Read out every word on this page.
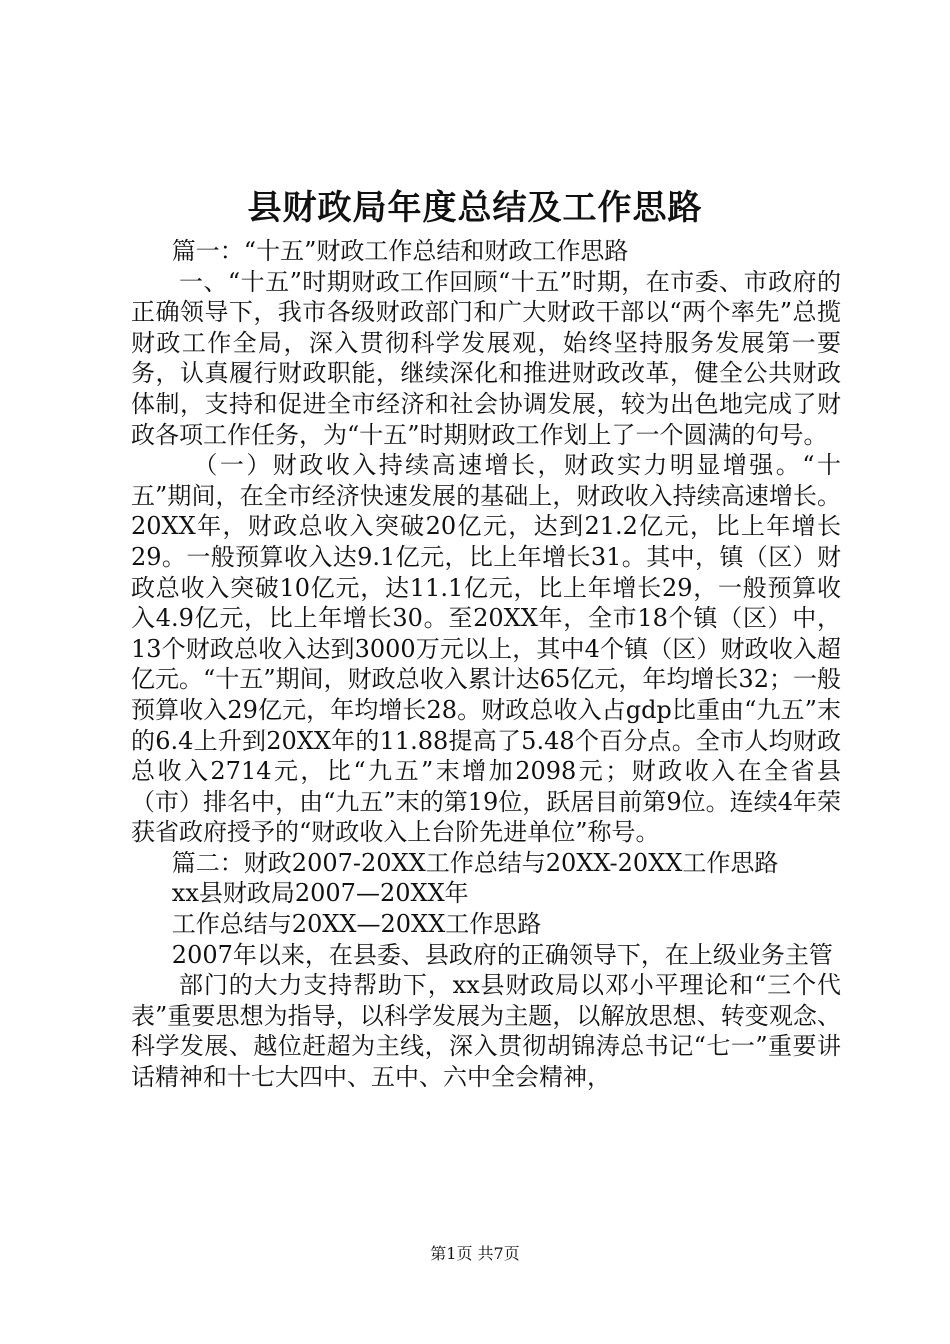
县财政局年度总结及工作思路

篇一：“十五”财政工作总结和财政工作思路

一、“十五”时期财政工作回顾“十五”时期，在市委、市政府的正确领导下，我市各级财政部门和广大财政干部以“两个率先”总揽财政工作全局，深入贯彻科学发展观，始终坚持服务发展第一要务，认真履行财政职能，继续深化和推进财政改革，健全公共财政体制，支持和促进全市经济和社会协调发展，较为出色地完成了财政各项工作任务，为“十五”时期财政工作划上了一个圆满的句号。

（一）财政收入持续高速增长，财政实力明显增强。“十五”期间，在全市经济快速发展的基础上，财政收入持续高速增长。20XX年，财政总收入突破20亿元，达到21.2亿元，比上年增长29。一般预算收入达9.1亿元，比上年增长31。其中，镇（区）财政总收入突破10亿元，达11.1亿元，比上年增长29，一般预算收入4.9亿元，比上年增长30。至20XX年，全市18个镇（区）中，13个财政总收入达到3000万元以上，其中4个镇（区）财政收入超亿元。“十五”期间，财政总收入累计达65亿元，年均增长32；一般预算收入29亿元，年均增长28。财政总收入占gdp比重由“九五”末的6.4上升到20XX年的11.88提高了5.48个百分点。全市人均财政总收入2714元，比“九五”末增加2098元；财政收入在全省县（市）排名中，由“九五”末的第19位，跃居目前第9位。连续4年荣获省政府授予的“财政收入上台阶先进单位”称号。

篇二：财政2007-20XX工作总结与20XX-20XX工作思路

xx县财政局2007—20XX年

工作总结与20XX—20XX工作思路

2007年以来，在县委、县政府的正确领导下，在上级业务主管

部门的大力支持帮助下，xx县财政局以邓小平理论和“三个代表”重要思想为指导，以科学发展为主题，以解放思想、转变观念、科学发展、越位赶超为主线，深入贯彻胡锦涛总书记“七一”重要讲话精神和十七大四中、五中、六中全会精神，

第1页 共7页
